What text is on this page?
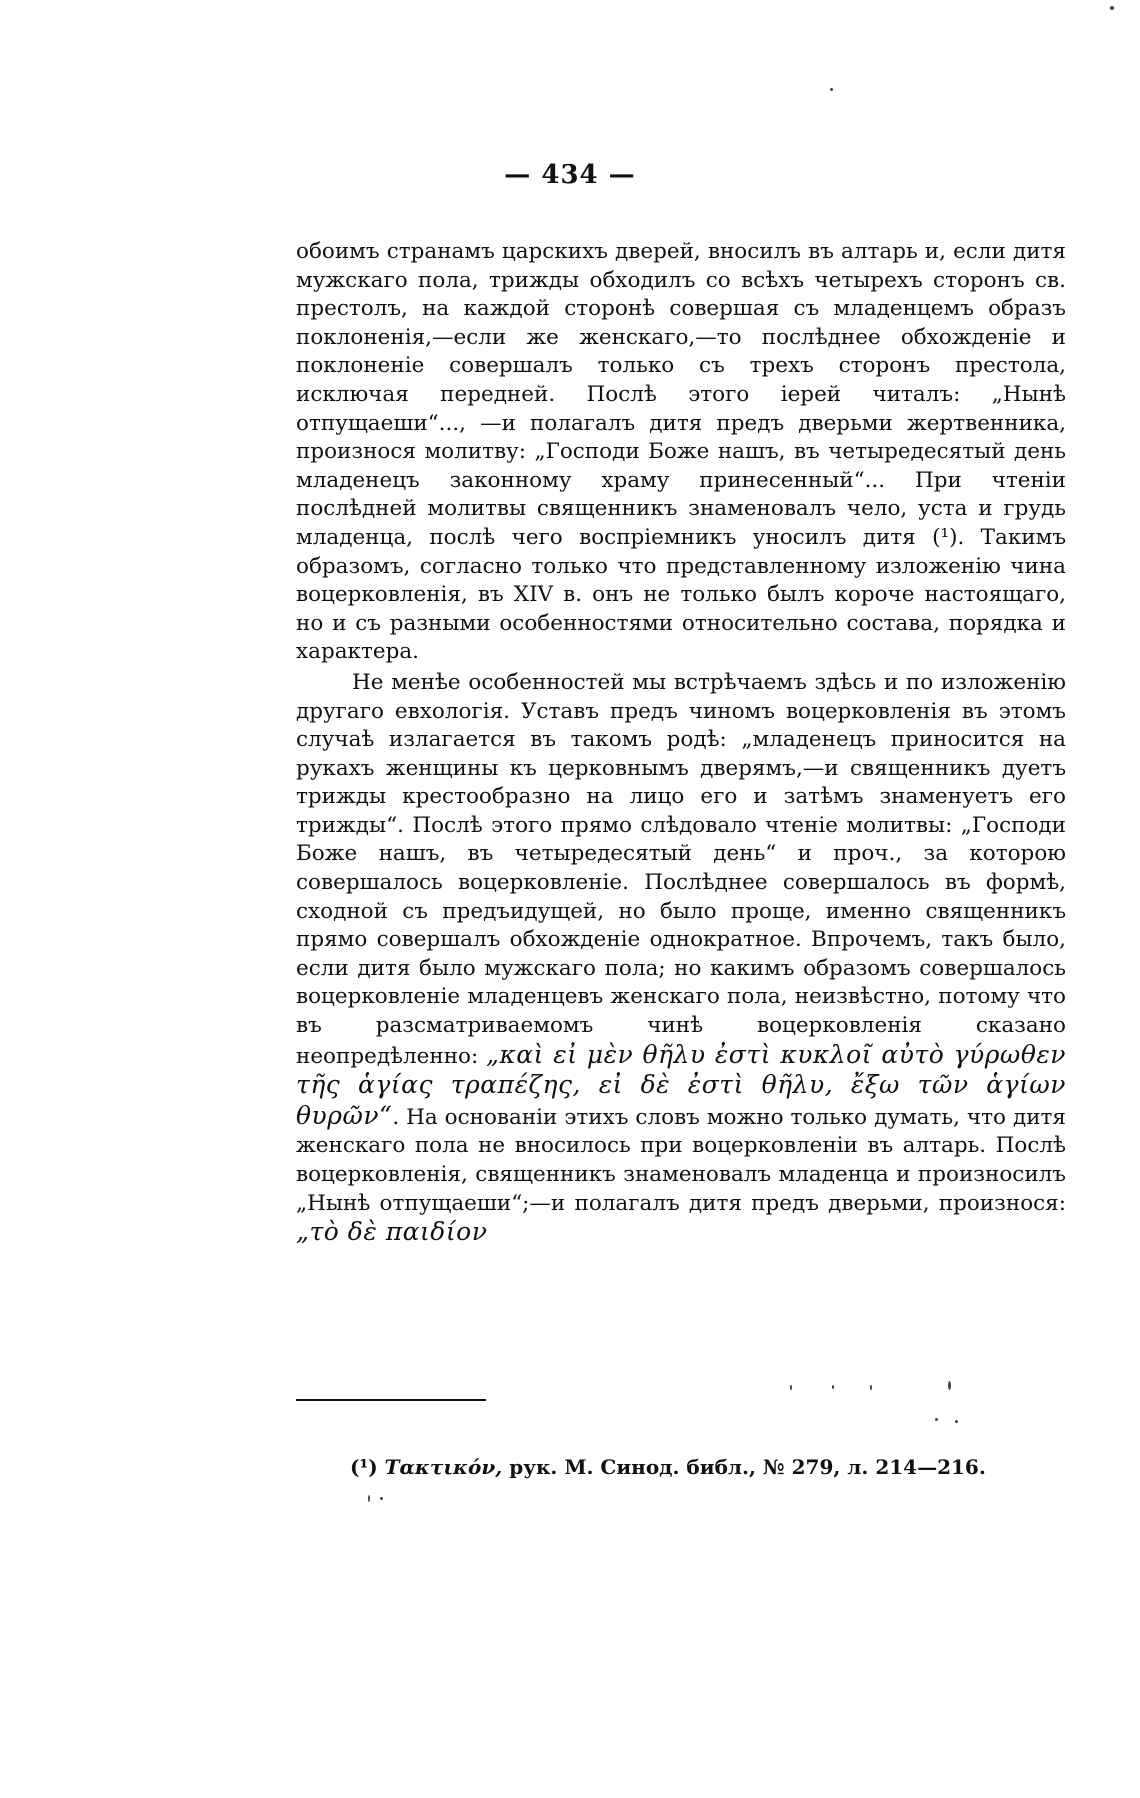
— 434 —

обоимъ странамъ царскихъ дверей, вносилъ въ алтарь и, если дитя мужскаго пола, трижды обходилъ со всѣхъ четырехъ сторонъ св. престолъ, на каждой сторонѣ совершая съ младенцемъ образъ поклоненія,—если же женскаго,—то послѣднее обхожденіе и поклоненіе совершалъ только съ трехъ сторонъ престола, исключая передней. Послѣ этого іерей читалъ: „Нынѣ отпущаеши“..., —и полагалъ дитя предъ дверьми жертвенника, произнося молитву: „Господи Боже нашъ, въ четыредесятый день младенецъ законному храму принесенный“... При чтеніи послѣдней молитвы священникъ знаменовалъ чело, уста и грудь младенца, послѣ чего воспріемникъ уносилъ дитя (¹). Такимъ образомъ, согласно только что представленному изложенію чина воцерковленія, въ XIV в. онъ не только былъ короче настоящаго, но и съ разными особенностями относительно состава, порядка и характера.

Не менѣе особенностей мы встрѣчаемъ здѣсь и по изложенію другаго евхологія. Уставъ предъ чиномъ воцерковленія въ этомъ случаѣ излагается въ такомъ родѣ: „младенецъ приносится на рукахъ женщины къ церковнымъ дверямъ,—и священникъ дуетъ трижды крестообразно на лицо его и затѣмъ знаменуетъ его трижды“. Послѣ этого прямо слѣдовало чтеніе молитвы: „Господи Боже нашъ, въ четыредесятый день“ и проч., за которою совершалось воцерковленіе. Послѣднее совершалось въ формѣ, сходной съ предъидущей, но было проще, именно священникъ прямо совершалъ обхожденіе однократное. Впрочемъ, такъ было, если дитя было мужскаго пола; но какимъ образомъ совершалось воцерковленіе младенцевъ женскаго пола, неизвѣстно, потому что въ разсматриваемомъ чинѣ воцерковленія сказано неопредѣленно: „καὶ εἰ μὲν θῆλυ ἐστὶ κυκλοῖ αὐτὸ γύρωθεν τῆς ἁγίας τραπέζης, εἰ δὲ ἐστὶ θῆλυ, ἔξω τῶν ἁγίων θυρῶν“. На основаніи этихъ словъ можно только думать, что дитя женскаго пола не вносилось при воцерковленіи въ алтарь. Послѣ воцерковленія, священникъ знаменовалъ младенца и произносилъ „Нынѣ отпущаеши“;—и полагалъ дитя предъ дверьми, произнося: „τὸ δὲ παιδίον

(¹) Τακτικόν, рук. М. Синод. библ., № 279, л. 214—216.
